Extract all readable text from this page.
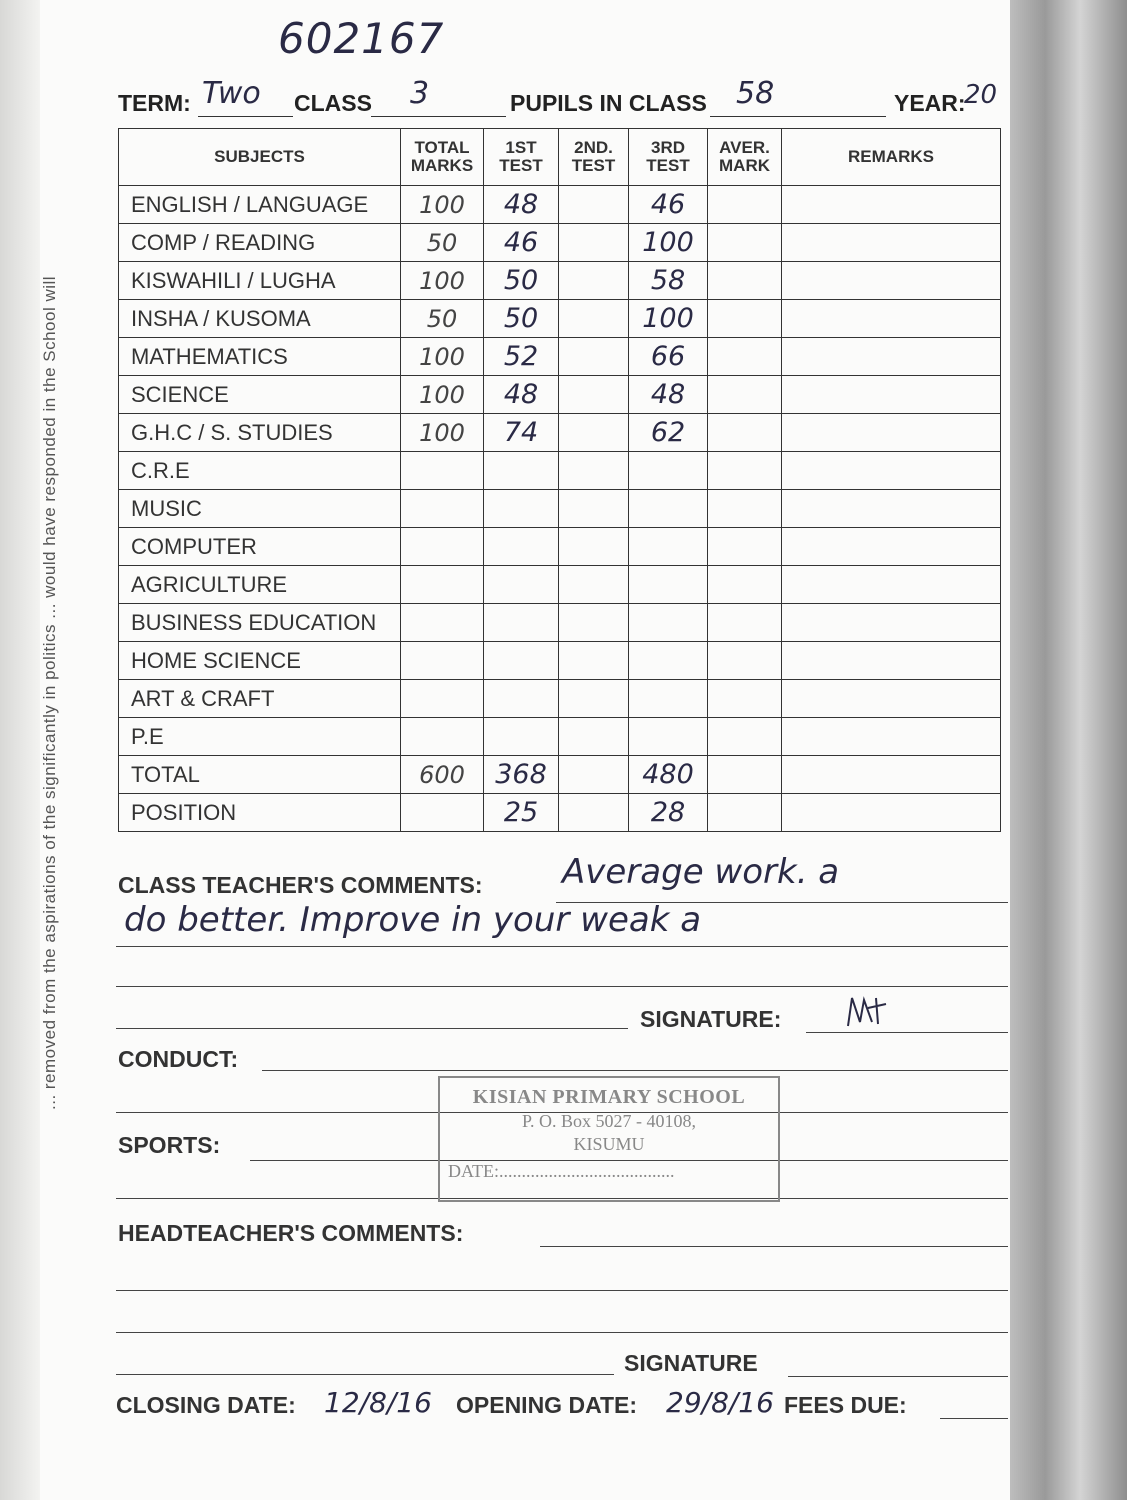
... removed from the aspirations of the significantly in politics ... would have responded in the School will
602167
TERM: Two CLASS 3	PUPILS IN CLASS 58	YEAR:
20
SUBJECTS	TOTAL MARKS	1ST TEST	2ND. TEST	3RD TEST	AVER. MARK	REMARKS
ENGLISH / LANGUAGE	100	48		46		
COMP / READING	50	46		100		
KISWAHILI / LUGHA	100	50		58		
INSHA / KUSOMA	50	50		100		
MATHEMATICS	100	52		66		
SCIENCE	100	48		48		
G.H.C / S. STUDIES	100	74		62		
C.R.E						
MUSIC						
COMPUTER						
AGRICULTURE						
BUSINESS EDUCATION						
HOME SCIENCE						
ART & CRAFT						
P.E						
TOTAL	600	368		480		
POSITION		25		28		
CLASS TEACHER'S COMMENTS: Average work. a
do better. Improve in your weak a
SIGNATURE:
CONDUCT:
SPORTS:
KISIAN PRIMARY SCHOOL
P. O. Box 5027 - 40108,
KISUMU
DATE:.......................................
HEADTEACHER'S COMMENTS:
SIGNATURE
CLOSING DATE: 12/8/16 OPENING DATE: 29/8/16 FEES DUE:
